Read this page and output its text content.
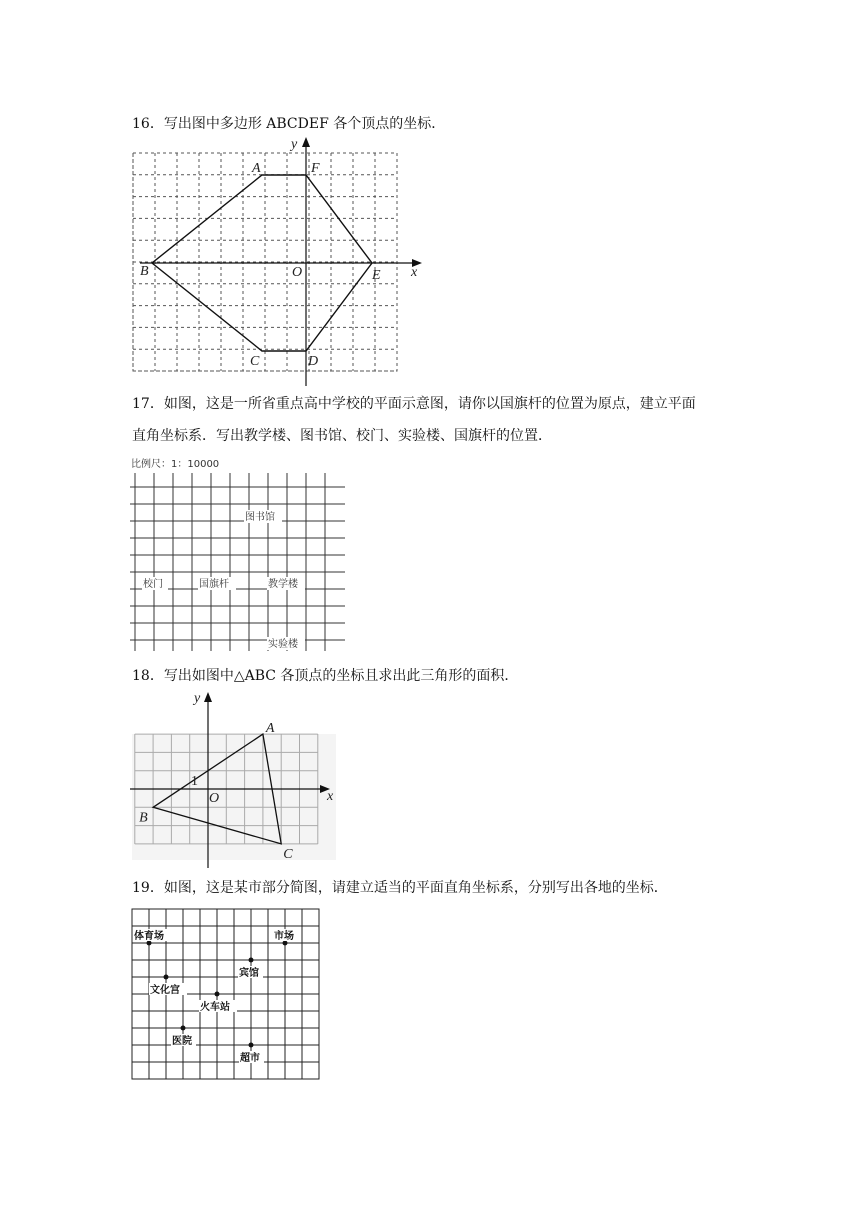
16．写出图中多边形 ABCDEF 各个顶点的坐标．
A	F
E
D
C
B	O	x
y
17．如图，这是一所省重点高中学校的平面示意图，请你以国旗杆的位置为原点，建立平面
直角坐标系．写出教学楼、图书馆、校门、实验楼、国旗杆的位置．
比例尺：1：10000
图书馆
校门	国旗杆	教学楼
实验楼
18．写出如图中△ABC 各顶点的坐标且求出此三角形的面积．
A
B
C
O
1
x
y
19．如图，这是某市部分简图，请建立适当的平面直角坐标系，分别写出各地的坐标．
体育场	市场
宾馆
文化宫
火车站
医院
超市
